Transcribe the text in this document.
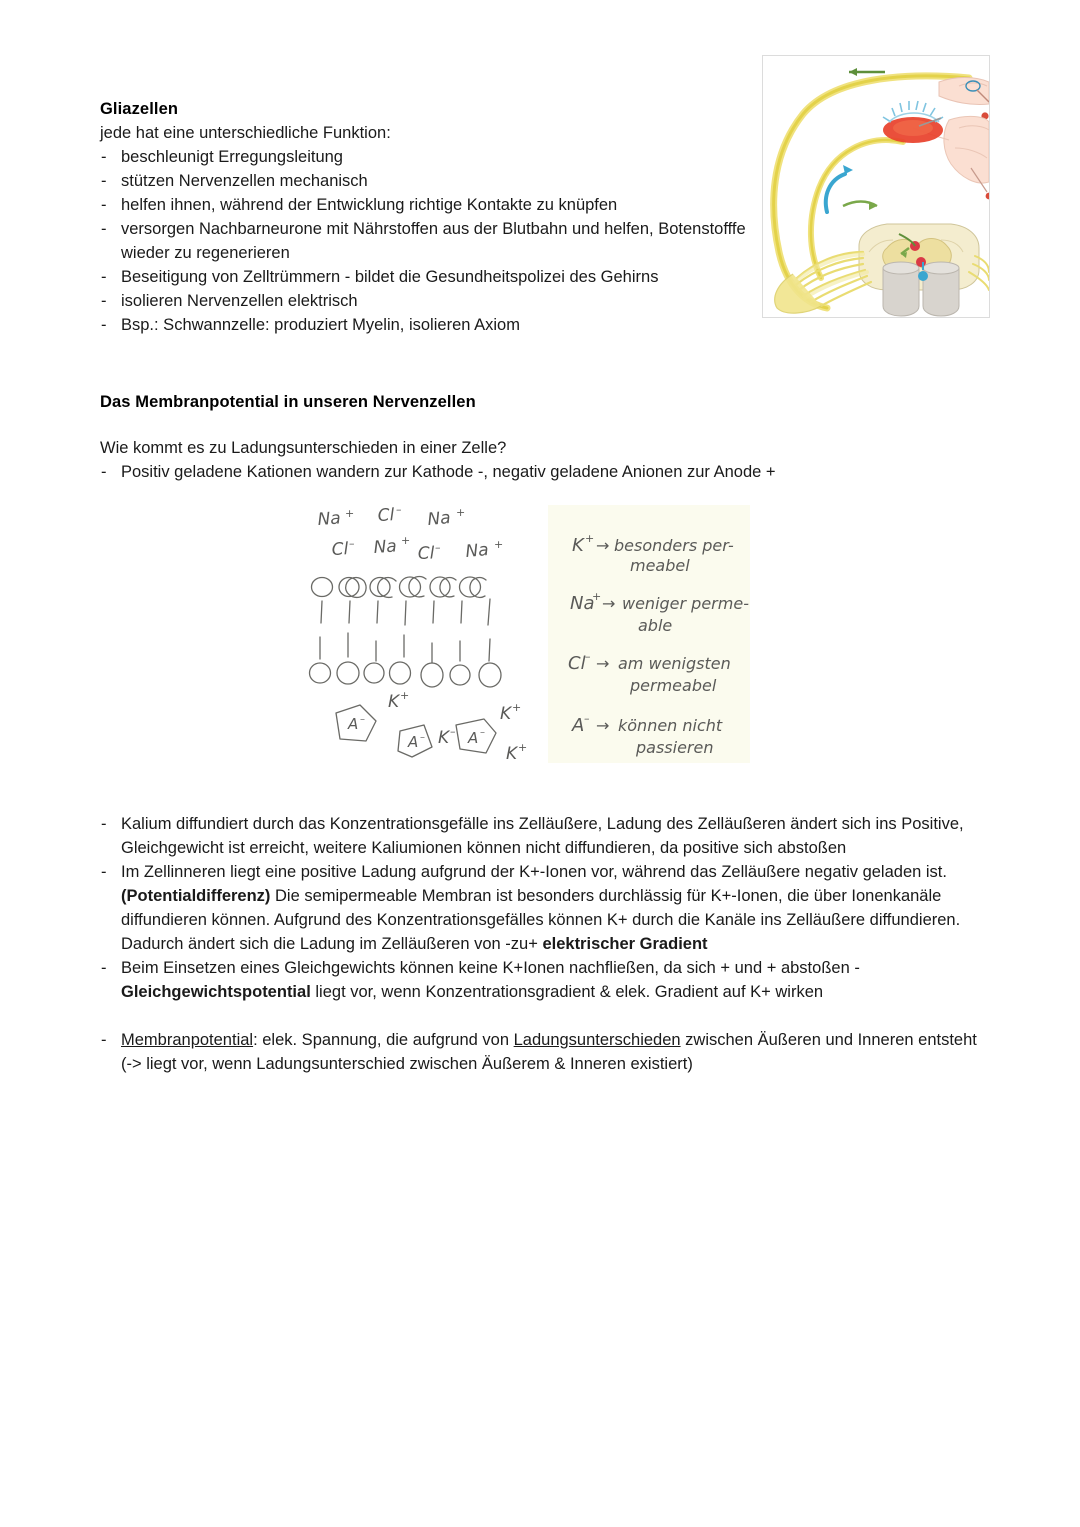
Gliazellen
jede hat eine unterschiedliche Funktion:
- beschleunigt Erregungsleitung
- stützen Nervenzellen mechanisch
- helfen ihnen, während der Entwicklung richtige Kontakte zu knüpfen
- versorgen Nachbarneurone mit Nährstoffen aus der Blutbahn und helfen, Botenstofffe wieder zu regenerieren
- Beseitigung von Zelltrümmern - bildet die Gesundheitspolizei des Gehirns
- isolieren Nervenzellen elektrisch
- Bsp.: Schwannzelle: produziert Myelin, isolieren Axiom
Das Membranpotential in unseren Nervenzellen
Wie kommt es zu Ladungsunterschieden in einer Zelle?
- Positiv geladene Kationen wandern zur Kathode -, negativ geladene Anionen zur Anode +
- Kalium diffundiert durch das Konzentrationsgefälle ins Zelläußere, Ladung des Zelläußeren ändert sich ins Positive, Gleichgewicht ist erreicht, weitere Kaliumionen können nicht diffundieren, da positive sich abstoßen
- Im Zellinneren liegt eine positive Ladung aufgrund der K+-Ionen vor, während das Zelläußere negativ geladen ist. (Potentialdifferenz) Die semipermeable Membran ist besonders durchlässig für K+-Ionen, die über Ionenkanäle diffundieren können. Aufgrund des Konzentrationsgefälles können K+ durch die Kanäle ins Zelläußere diffundieren. Dadurch ändert sich die Ladung im Zelläußeren von -zu+ elektrischer Gradient
- Beim Einsetzen eines Gleichgewichts können keine K+Ionen nachfließen, da sich + und + abstoßen - Gleichgewichtspotential liegt vor, wenn Konzentrationsgradient & elek. Gradient auf K+ wirken
- Membranpotential: elek. Spannung, die aufgrund von Ladungsunterschieden zwischen Äußeren und Inneren entsteht (-> liegt vor, wenn Ladungsunterschied zwischen Äußerem & Inneren existiert)
Na + Cl – Na +
Cl – Na +
Cl – Na +
A –
A –	A –
K +
K –
K +
K +
K + → besonders per-
meabel
Na
+ → weniger perme-
able
Cl – → am wenigsten
permeabel
A – → können nicht
passieren
